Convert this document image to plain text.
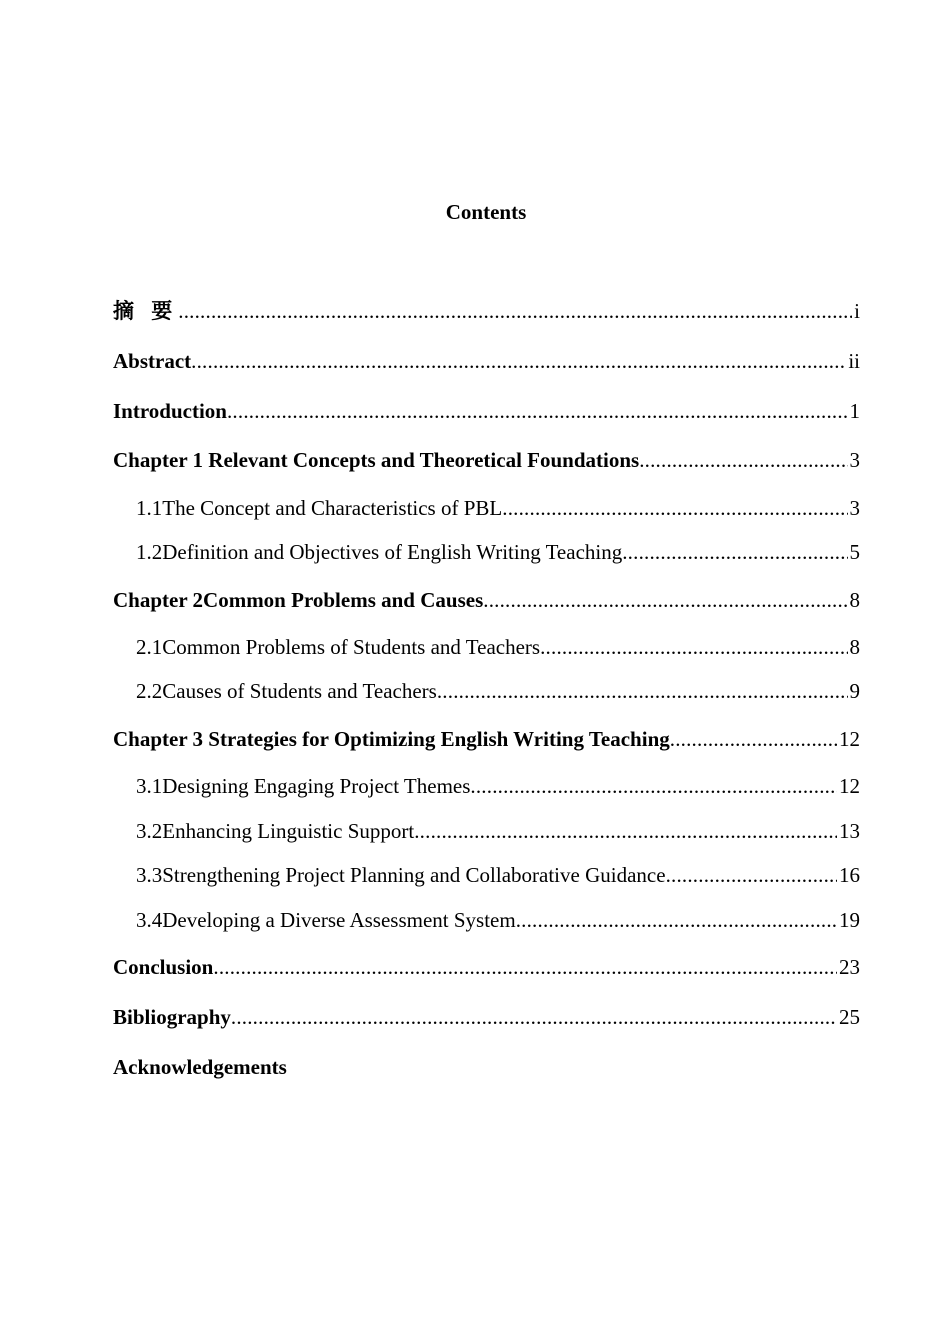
Contents
摘 要 .....	i
Abstract .....	ii
Introduction .....	1
Chapter 1 Relevant Concepts and Theoretical Foundations .....	3
1.1The Concept and Characteristics of PBL .....	3
1.2Definition and Objectives of English Writing Teaching .....	5
Chapter 2Common Problems and Causes .....	8
2.1Common Problems of Students and Teachers .....	8
2.2Causes of Students and Teachers .....	9
Chapter 3 Strategies for Optimizing English Writing Teaching .....	12
3.1Designing Engaging Project Themes .....	12
3.2Enhancing Linguistic Support .....	13
3.3Strengthening Project Planning and Collaborative Guidance .....	16
3.4Developing a Diverse Assessment System .....	19
Conclusion .....	23
Bibliography .....	25
Acknowledgements
